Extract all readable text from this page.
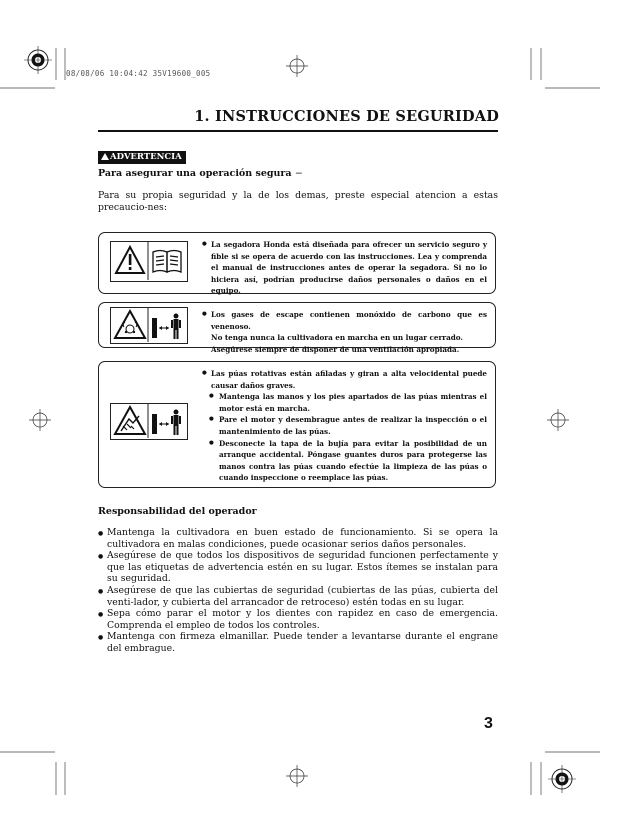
08/08/06 10:04:42 35V19600_005
1. INSTRUCCIONES DE SEGURIDAD
ADVERTENCIA
Para asegurar una operación segura −
Para su propia seguridad y la de los demas, preste especial atencion a estas precaucio-nes:
● La segadora Honda está diseñada para ofrecer un servicio seguro y fible si se opera de acuerdo con las instrucciones. Lea y comprenda el manual de instrucciones antes de operar la segadora. Si no lo hiciera así, podrían producirse daños personales o daños en el equipo.
● Los gases de escape contienen monóxido de carbono que es venenoso.
No tenga nunca la cultivadora en marcha en un lugar cerrado.
Asegúrese siempre de disponer de una ventilación apropiada.
● Las púas rotativas están afiladas y giran a alta velocidental puede causar daños graves.
● Mantenga las manos y los pies apartados de las púas mientras el motor está en marcha.
● Pare el motor y desembrague antes de realizar la inspección o el mantenimiento de las púas.
● Desconecte la tapa de la bujía para evitar la posibilidad de un arranque accidental. Póngase guantes duros para protegerse las manos contra las púas cuando efectúe la limpieza de las púas o cuando inspeccione o reemplace las púas.
Responsabilidad del operador
● Mantenga la cultivadora en buen estado de funcionamiento. Si se opera la cultivadora en malas condiciones, puede ocasionar serios daños personales.
● Asegúrese de que todos los dispositivos de seguridad funcionen perfectamente y que las etiquetas de advertencia estén en su lugar. Estos ítemes se instalan para su seguridad.
● Asegúrese de que las cubiertas de seguridad (cubiertas de las púas, cubierta del venti-lador, y cubierta del arrancador de retroceso) estén todas en su lugar.
● Sepa cómo parar el motor y los dientes con rapidez en caso de emergencia. Comprenda el empleo de todos los controles.
● Mantenga con firmeza elmanillar. Puede tender a levantarse durante el engrane del embrague.
3
